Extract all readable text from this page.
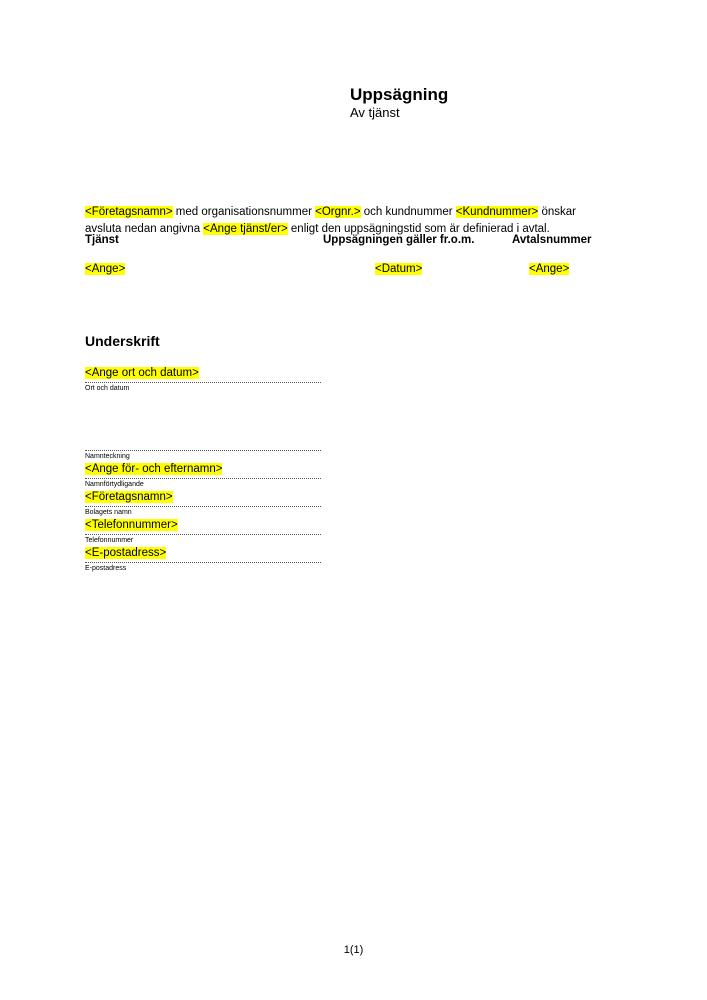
Uppsägning
Av tjänst

<Företagsnamn> med organisationsnummer <Orgnr.> och kundnummer <Kundnummer> önskar avsluta nedan angivna <Ange tjänst/er> enligt den uppsägningstid som är definierad i avtal.

Tjänst	Uppsägningen gäller fr.o.m.	Avtalsnummer
<Ange>	<Datum>	<Ange>
Underskrift
<Ange ort och datum>
Ort och datum
Namnteckning
<Ange för- och efternamn>
Namnförtydligande
<Företagsnamn>
Bolagets namn
<Telefonnummer>
Telefonnummer
<E-postadress>
E-postadress
1(1)
